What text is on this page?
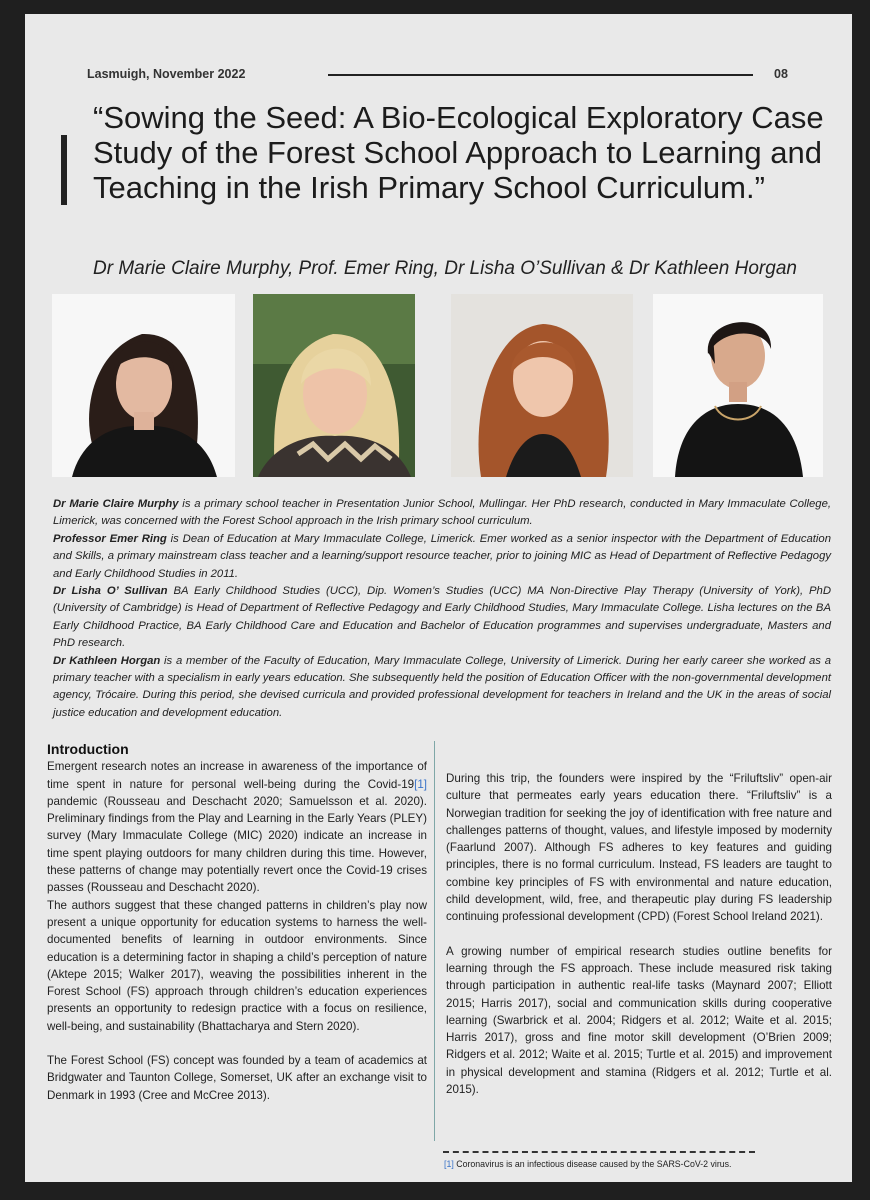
Lasmuigh, November 2022	08
“Sowing the Seed: A Bio-Ecological Exploratory Case Study of the Forest School Approach to Learning and Teaching in the Irish Primary School Curriculum.”
Dr Marie Claire Murphy, Prof. Emer Ring, Dr Lisha O’Sullivan & Dr Kathleen Horgan

Dr Marie Claire Murphy is a primary school teacher in Presentation Junior School, Mullingar. Her PhD research, conducted in Mary Immaculate College, Limerick, was concerned with the Forest School approach in the Irish primary school curriculum.

Professor Emer Ring is Dean of Education at Mary Immaculate College, Limerick. Emer worked as a senior inspector with the Department of Education and Skills, a primary mainstream class teacher and a learning/support resource teacher, prior to joining MIC as Head of Department of Reflective Pedagogy and Early Childhood Studies in 2011.

Dr Lisha O’ Sullivan BA Early Childhood Studies (UCC), Dip. Women’s Studies (UCC) MA Non-Directive Play Therapy (University of York), PhD (University of Cambridge) is Head of Department of Reflective Pedagogy and Early Childhood Studies, Mary Immaculate College. Lisha lectures on the BA Early Childhood Practice, BA Early Childhood Care and Education and Bachelor of Education programmes and supervises undergraduate, Masters and PhD research.

Dr Kathleen Horgan is a member of the Faculty of Education, Mary Immaculate College, University of Limerick. During her early career she worked as a primary teacher with a specialism in early years education. She subsequently held the position of Education Officer with the non-governmental development agency, Trócaire. During this period, she devised curricula and provided professional development for teachers in Ireland and the UK in the areas of social justice education and development education.

Introduction

Emergent research notes an increase in awareness of the importance of time spent in nature for personal well-being during the Covid-19[1] pandemic (Rousseau and Deschacht 2020; Samuelsson et al. 2020). Preliminary findings from the Play and Learning in the Early Years (PLEY) survey (Mary Immaculate College (MIC) 2020) indicate an increase in time spent playing outdoors for many children during this time. However, these patterns of change may potentially revert once the Covid-19 crises passes (Rousseau and Deschacht 2020).

The authors suggest that these changed patterns in children’s play now present a unique opportunity for education systems to harness the well-documented benefits of learning in outdoor environments. Since education is a determining factor in shaping a child’s perception of nature (Aktepe 2015; Walker 2017), weaving the possibilities inherent in the Forest School (FS) approach through children’s education experiences presents an opportunity to redesign practice with a focus on resilience, well-being, and sustainability (Bhattacharya and Stern 2020).

The Forest School (FS) concept was founded by a team of academics at Bridgwater and Taunton College, Somerset, UK after an exchange visit to Denmark in 1993 (Cree and McCree 2013).

During this trip, the founders were inspired by the “Friluftsliv” open-air culture that permeates early years education there. “Friluftsliv” is a Norwegian tradition for seeking the joy of identification with free nature and challenges patterns of thought, values, and lifestyle imposed by modernity (Faarlund 2007). Although FS adheres to key features and guiding principles, there is no formal curriculum. Instead, FS leaders are taught to combine key principles of FS with environmental and nature education, child development, wild, free, and therapeutic play during FS leadership continuing professional development (CPD) (Forest School Ireland 2021).

A growing number of empirical research studies outline benefits for learning through the FS approach. These include measured risk taking through participation in authentic real-life tasks (Maynard 2007; Elliott 2015; Harris 2017), social and communication skills during cooperative learning (Swarbrick et al. 2004; Ridgers et al. 2012; Waite et al. 2015; Harris 2017), gross and fine motor skill development (O’Brien 2009; Ridgers et al. 2012; Waite et al. 2015; Turtle et al. 2015) and improvement in physical development and stamina (Ridgers et al. 2012; Turtle et al. 2015).

[1] Coronavirus is an infectious disease caused by the SARS-CoV-2 virus.
